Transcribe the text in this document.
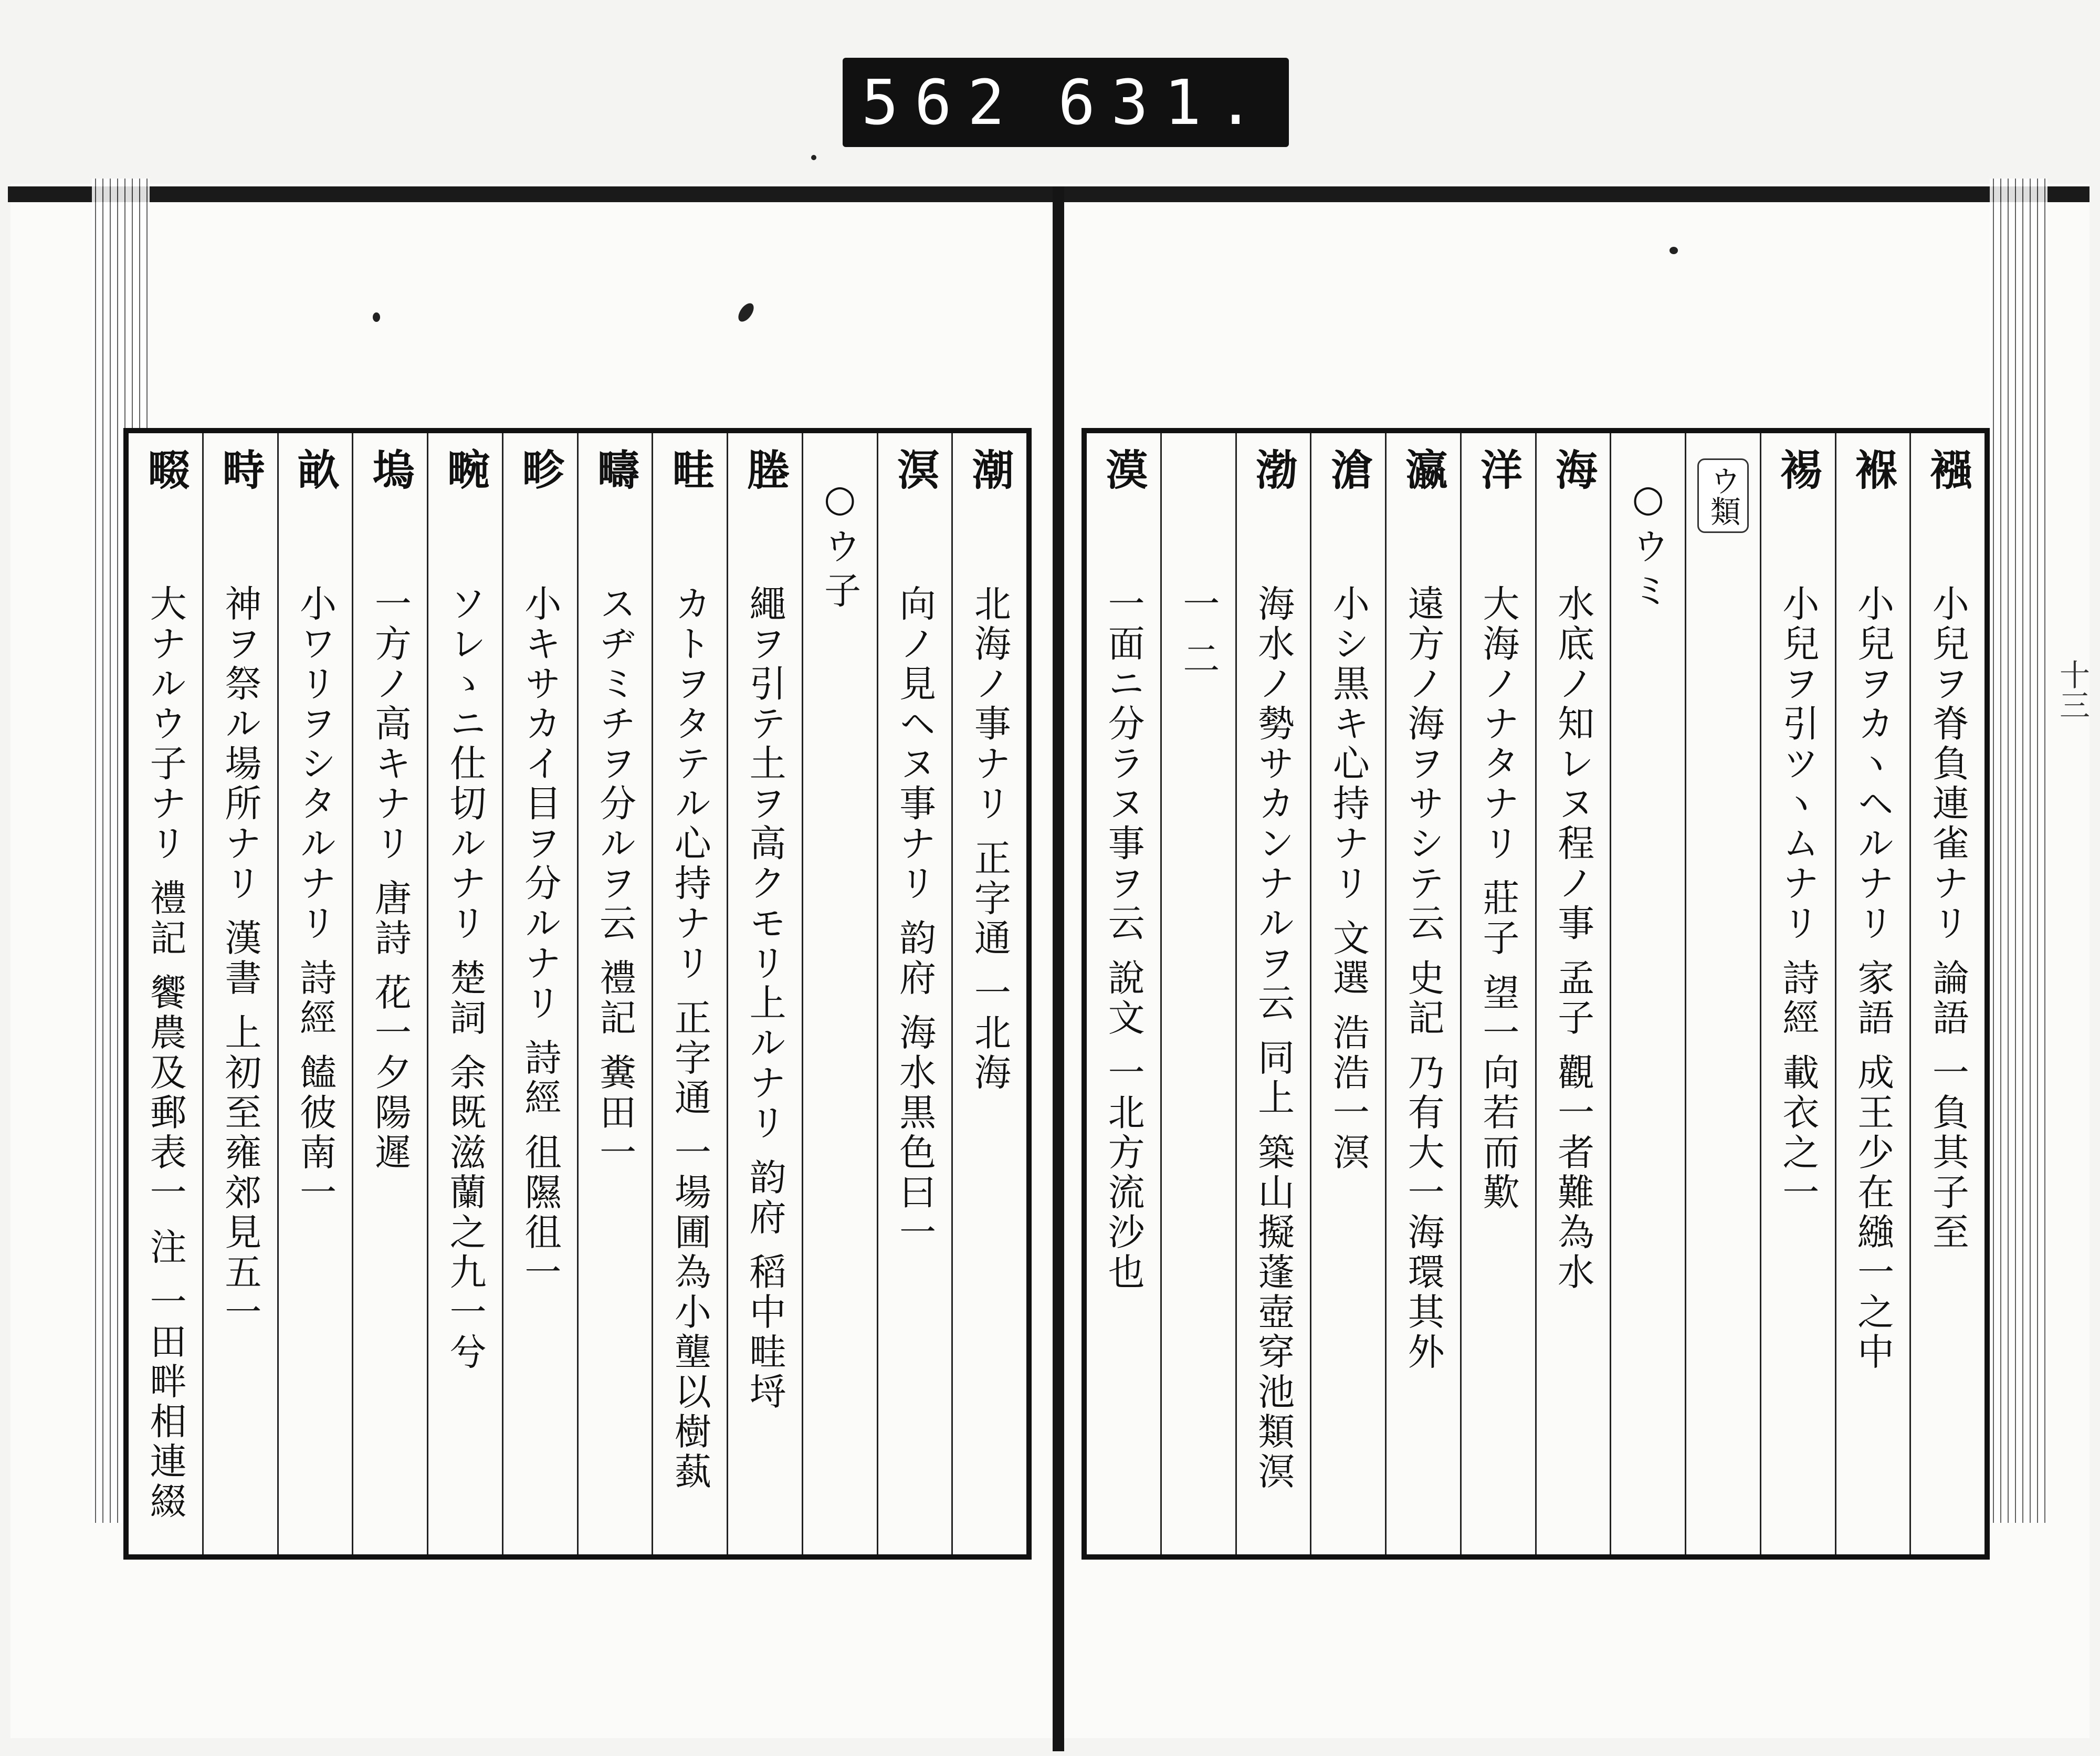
562 631.
十三
襁
小兒ヲ脊負連雀ナリ 論語 一負其子至
褓
小兒ヲカヽヘルナリ 家語 成王少在繈一之中
裼
小兒ヲ引ツヽムナリ 詩經 載衣之一
ウ類
○ウミ
海
水底ノ知レヌ程ノ事 孟子 觀一者難為水
洋
大海ノナタナリ 莊子 望一向若而歎
瀛
遠方ノ海ヲサシテ云 史記 乃有大一海環其外
滄
小シ黒キ心持ナリ 文選 浩浩一溟
渤
海水ノ勢サカンナルヲ云 同上 築山擬蓬壺穿池類溟
一 二
漠
一面ニ分ラヌ事ヲ云 說文 一北方流沙也
潮
北海ノ事ナリ 正字通 一北海
溟
向ノ見ヘヌ事ナリ 韵府 海水黒色曰一
○ウ子
塍
繩ヲ引テ土ヲ高クモリ上ルナリ 韵府 稻中畦埒
畦
カトヲタテル心持ナリ 正字通 一場圃為小壟以樹蓺
疇
スヂミチヲ分ルヲ云 禮記 糞田一
畛
小キサカイ目ヲ分ルナリ 詩經 徂隰徂一
畹
ソレゝニ仕切ルナリ 楚詞 余既滋蘭之九一兮
塢
一方ノ高キナリ 唐詩 花一夕陽遲
畝
小ワリヲシタルナリ 詩經 饁彼南一
畤
神ヲ祭ル場所ナリ 漢書 上初至雍郊見五一
畷
大ナルウ子ナリ 禮記 饗農及郵表一 注 一田畔相連綴
